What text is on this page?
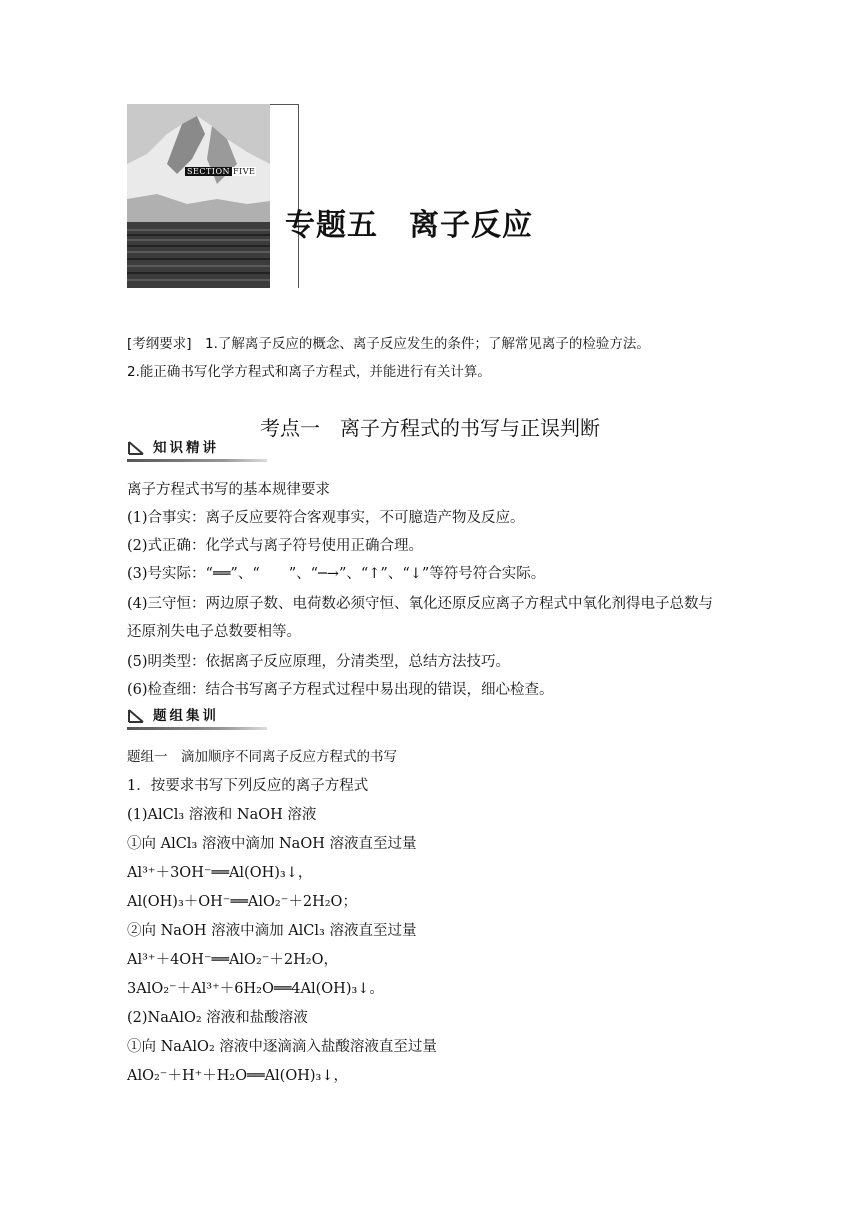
SECTION FIVE
专题五　离子反应
[考纲要求]　1.了解离子反应的概念、离子反应发生的条件；了解常见离子的检验方法。
2.能正确书写化学方程式和离子方程式，并能进行有关计算。
考点一　离子方程式的书写与正误判断
知识精讲
离子方程式书写的基本规律要求
(1)合事实：离子反应要符合客观事实，不可臆造产物及反应。
(2)式正确：化学式与离子符号使用正确合理。
(3)号实际：“══”、“　　”、“─→”、“↑”、“↓”等符号符合实际。
(4)三守恒：两边原子数、电荷数必须守恒、氧化还原反应离子方程式中氧化剂得电子总数与
还原剂失电子总数要相等。
(5)明类型：依据离子反应原理，分清类型，总结方法技巧。
(6)检查细：结合书写离子方程式过程中易出现的错误，细心检查。
题组集训
题组一　滴加顺序不同离子反应方程式的书写
1．按要求书写下列反应的离子方程式
(1)AlCl₃ 溶液和 NaOH 溶液
①向 AlCl₃ 溶液中滴加 NaOH 溶液直至过量
Al³⁺＋3OH⁻══Al(OH)₃↓，
Al(OH)₃＋OH⁻══AlO₂⁻＋2H₂O；
②向 NaOH 溶液中滴加 AlCl₃ 溶液直至过量
Al³⁺＋4OH⁻══AlO₂⁻＋2H₂O，
3AlO₂⁻＋Al³⁺＋6H₂O══4Al(OH)₃↓。
(2)NaAlO₂ 溶液和盐酸溶液
①向 NaAlO₂ 溶液中逐滴滴入盐酸溶液直至过量
AlO₂⁻＋H⁺＋H₂O══Al(OH)₃↓，
